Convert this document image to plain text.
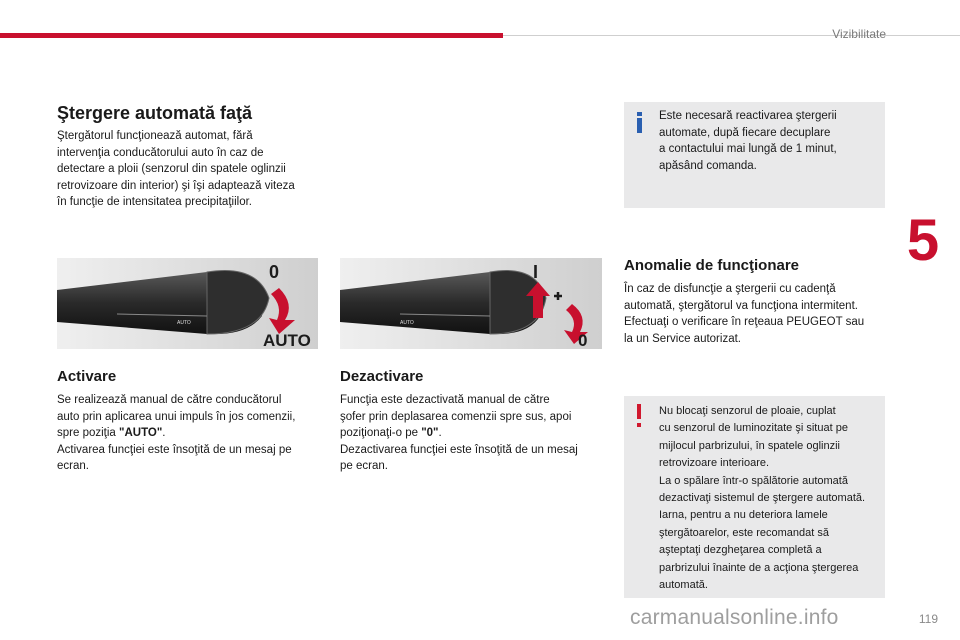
Vizibilitate
5
Ştergere automată faţă
Ştergătorul funcţionează automat, fără
intervenţia conducătorului auto în caz de
detectare a ploii (senzorul din spatele oglinzii
retrovizoare din interior) şi îşi adaptează viteza
în funcţie de intensitatea precipitaţiilor.
Este necesară reactivarea ştergerii
automate, după fiecare decuplare
a contactului mai lungă de 1 minut,
apăsând comanda.
AUTO
0
AUTO
AUTO
I
0
Activare
Se realizează manual de către conducătorul
auto prin aplicarea unui impuls în jos comenzii,
spre poziţia "AUTO".
Activarea funcţiei este însoţită de un mesaj pe
ecran.
Dezactivare
Funcţia este dezactivată manual de către
şofer prin deplasarea comenzii spre sus, apoi
poziţionaţi-o pe "0".
Dezactivarea funcţiei este însoţită de un mesaj
pe ecran.
Anomalie de funcţionare
În caz de disfuncţie a ştergerii cu cadenţă
automată, ştergătorul va funcţiona intermitent.
Efectuaţi o verificare în reţeaua PEUGEOT sau
la un Service autorizat.
Nu blocaţi senzorul de ploaie, cuplat
cu senzorul de luminozitate şi situat pe
mijlocul parbrizului, în spatele oglinzii
retrovizoare interioare.
La o spălare într-o spălătorie automată
dezactivaţi sistemul de ştergere automată.
Iarna, pentru a nu deteriora lamele
ştergătoarelor, este recomandat să
aşteptaţi dezgheţarea completă a
parbrizului înainte de a acţiona ştergerea
automată.
carmanualsonline.info	119
